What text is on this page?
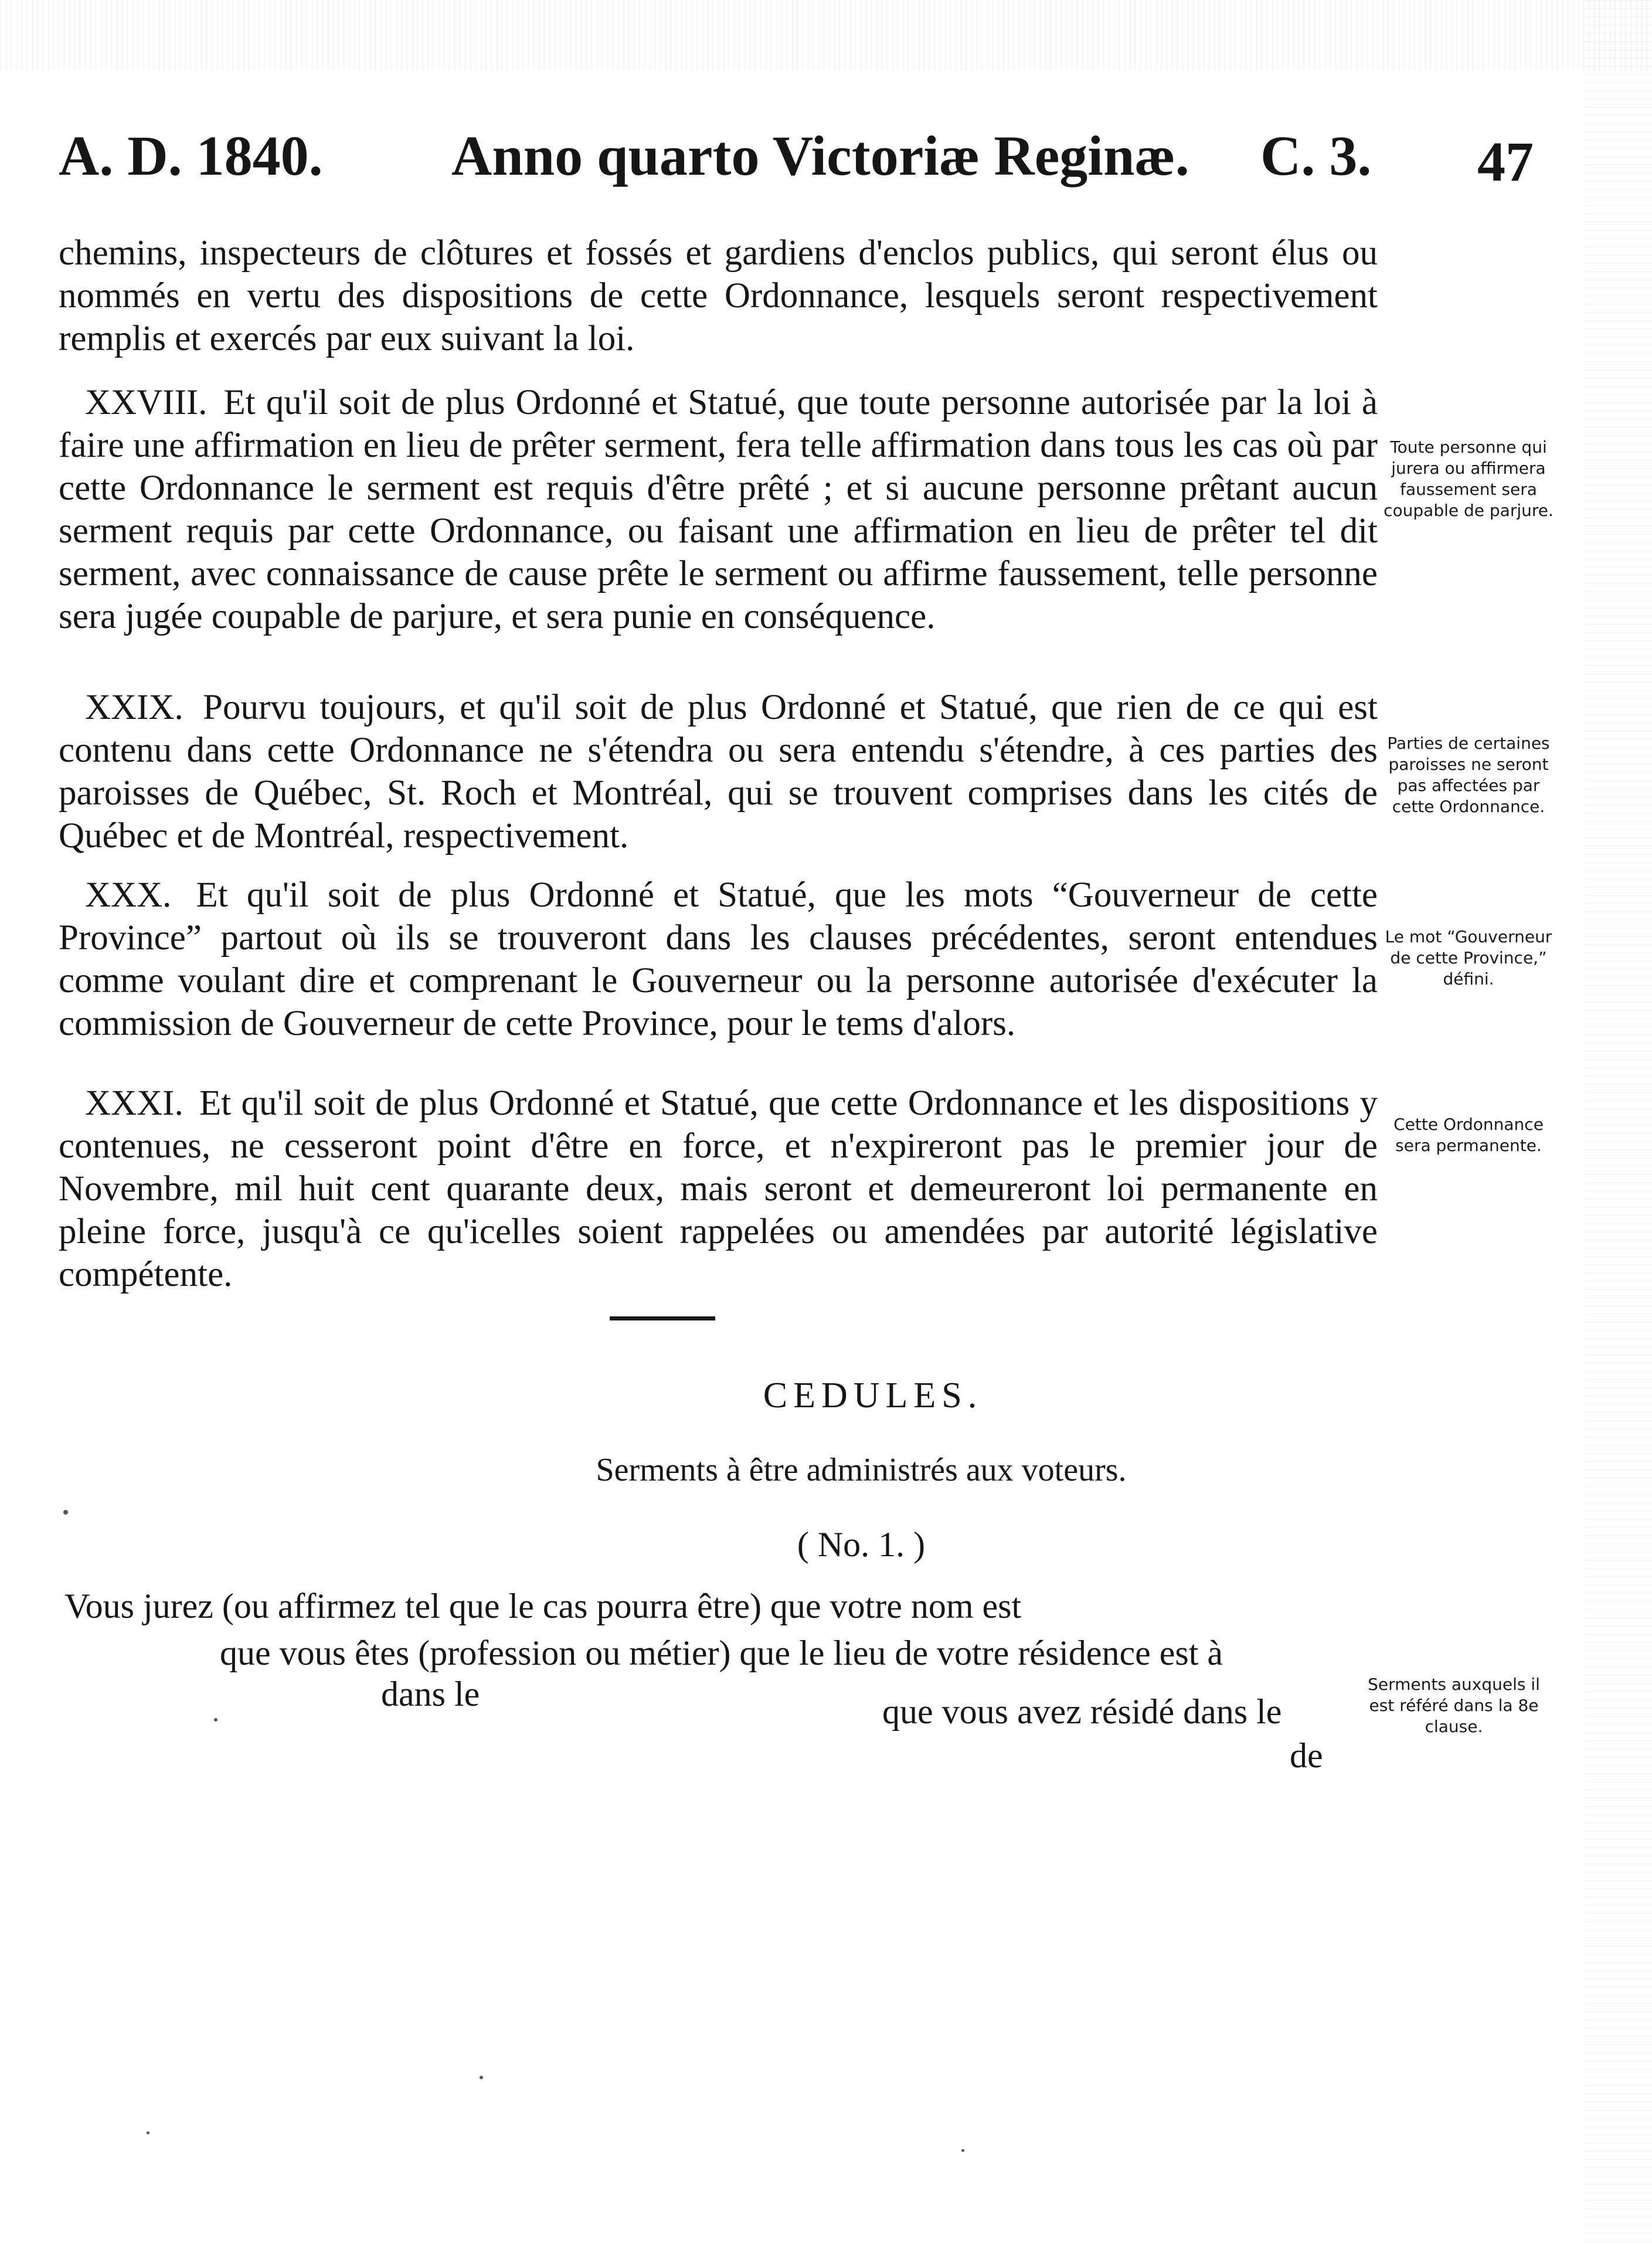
A. D. 1840. Anno quarto Victoriæ Reginæ. C. 3. 47

chemins, inspecteurs de clôtures et fossés et gardiens d'enclos publics, qui seront élus ou nommés en vertu des dispositions de cette Ordonnance, lesquels seront respectivement remplis et exercés par eux suivant la loi.

XXVIII. Et qu'il soit de plus Ordonné et Statué, que toute personne autorisée par la loi à faire une affirmation en lieu de prêter serment, fera telle affirmation dans tous les cas où par cette Ordonnance le serment est requis d'être prêté ; et si aucune personne prêtant aucun serment requis par cette Ordonnance, ou faisant une affirmation en lieu de prêter tel dit serment, avec connaissance de cause prête le serment ou affirme faussement, telle personne sera jugée coupable de parjure, et sera punie en conséquence.

XXIX. Pourvu toujours, et qu'il soit de plus Ordonné et Statué, que rien de ce qui est contenu dans cette Ordonnance ne s'étendra ou sera entendu s'étendre, à ces parties des paroisses de Québec, St. Roch et Montréal, qui se trouvent comprises dans les cités de Québec et de Montréal, respectivement.

XXX. Et qu'il soit de plus Ordonné et Statué, que les mots “Gouverneur de cette Province” partout où ils se trouveront dans les clauses précédentes, seront entendues comme voulant dire et comprenant le Gouverneur ou la personne autorisée d'exécuter la commission de Gouverneur de cette Province, pour le tems d'alors.

XXXI. Et qu'il soit de plus Ordonné et Statué, que cette Ordonnance et les dispositions y contenues, ne cesseront point d'être en force, et n'expireront pas le premier jour de Novembre, mil huit cent quarante deux, mais seront et demeureront loi permanente en pleine force, jusqu'à ce qu'icelles soient rappelées ou amendées par autorité législative compétente.

Toute personne qui jurera ou affirmera faussement sera coupable de parjure.
Parties de certaines paroisses ne seront pas affectées par cette Ordonnance.
Le mot “Gouverneur de cette Province,” défini.
Cette Ordonnance sera permanente.
CEDULES.
Serments à être administrés aux voteurs.
( No. 1. )
Vous jurez (ou affirmez tel que le cas pourra être) que votre nom est
que vous êtes (profession ou métier) que le lieu de votre résidence est à
dans le	que vous avez résidé dans le
de
Serments auxquels il est référé dans la 8e clause.
